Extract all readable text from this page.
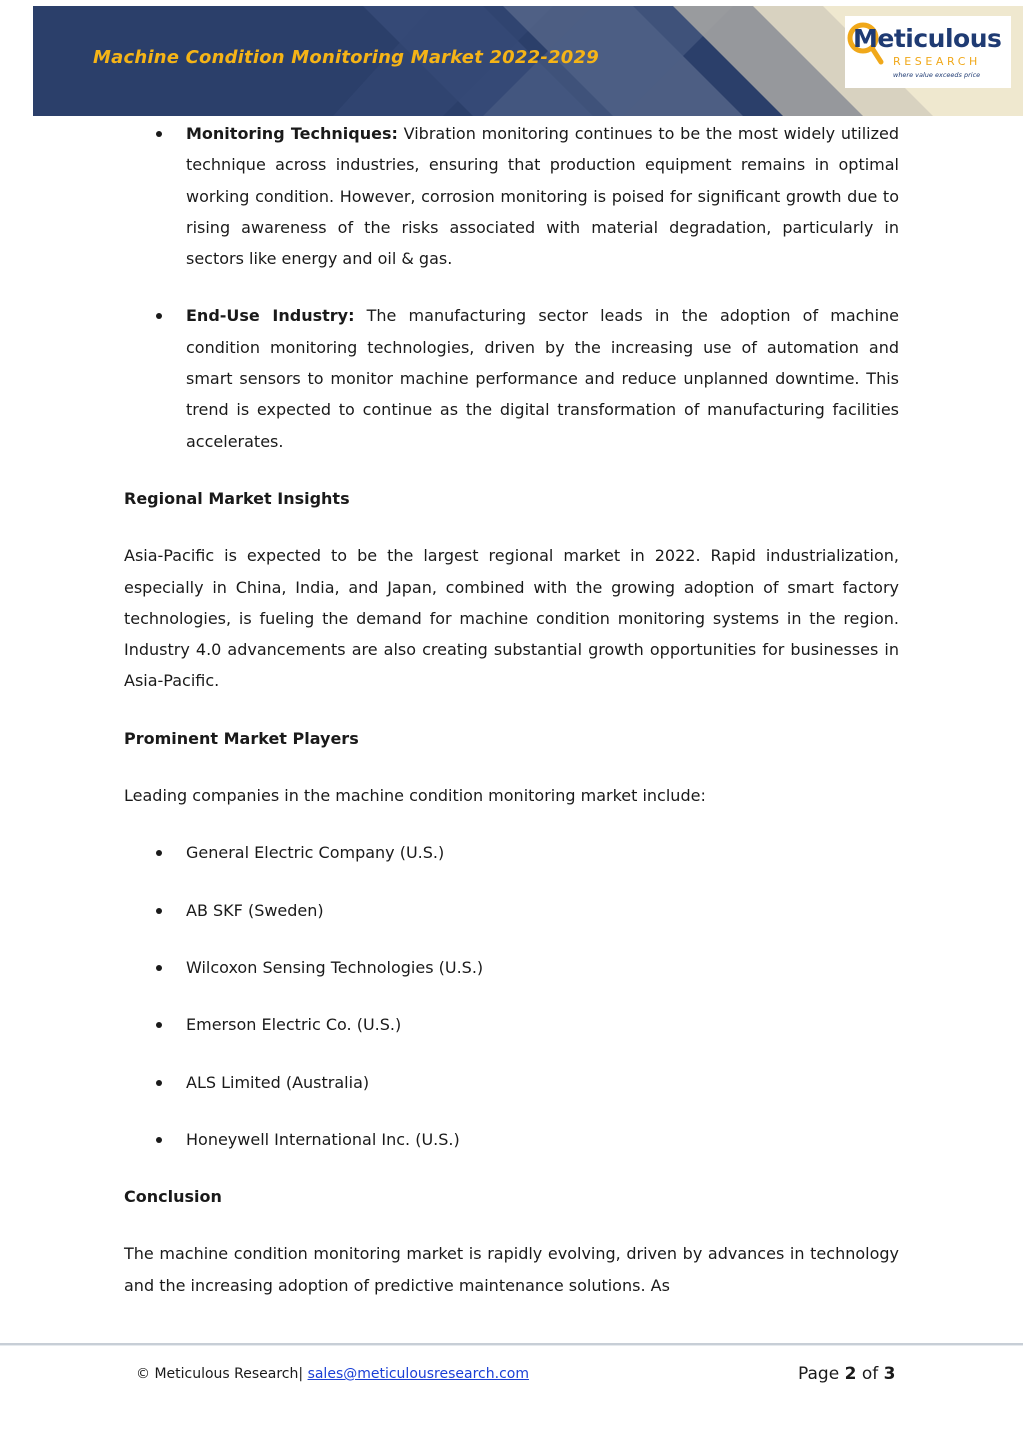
Machine Condition Monitoring Market 2022-2029
Meticulous
RESEARCH
where value exceeds price
Monitoring Techniques: Vibration monitoring continues to be the most widely utilized technique across industries, ensuring that production equipment remains in optimal working condition. However, corrosion monitoring is poised for significant growth due to rising awareness of the risks associated with material degradation, particularly in sectors like energy and oil & gas.
End-Use Industry: The manufacturing sector leads in the adoption of machine condition monitoring technologies, driven by the increasing use of automation and smart sensors to monitor machine performance and reduce unplanned downtime. This trend is expected to continue as the digital transformation of manufacturing facilities accelerates.
Regional Market Insights
Asia-Pacific is expected to be the largest regional market in 2022. Rapid industrialization, especially in China, India, and Japan, combined with the growing adoption of smart factory technologies, is fueling the demand for machine condition monitoring systems in the region. Industry 4.0 advancements are also creating substantial growth opportunities for businesses in Asia-Pacific.
Prominent Market Players
Leading companies in the machine condition monitoring market include:
General Electric Company (U.S.)
AB SKF (Sweden)
Wilcoxon Sensing Technologies (U.S.)
Emerson Electric Co. (U.S.)
ALS Limited (Australia)
Honeywell International Inc. (U.S.)
Conclusion
The machine condition monitoring market is rapidly evolving, driven by advances in technology and the increasing adoption of predictive maintenance solutions. As
© Meticulous Research| sales@meticulousresearch.com	Page 2 of 3
